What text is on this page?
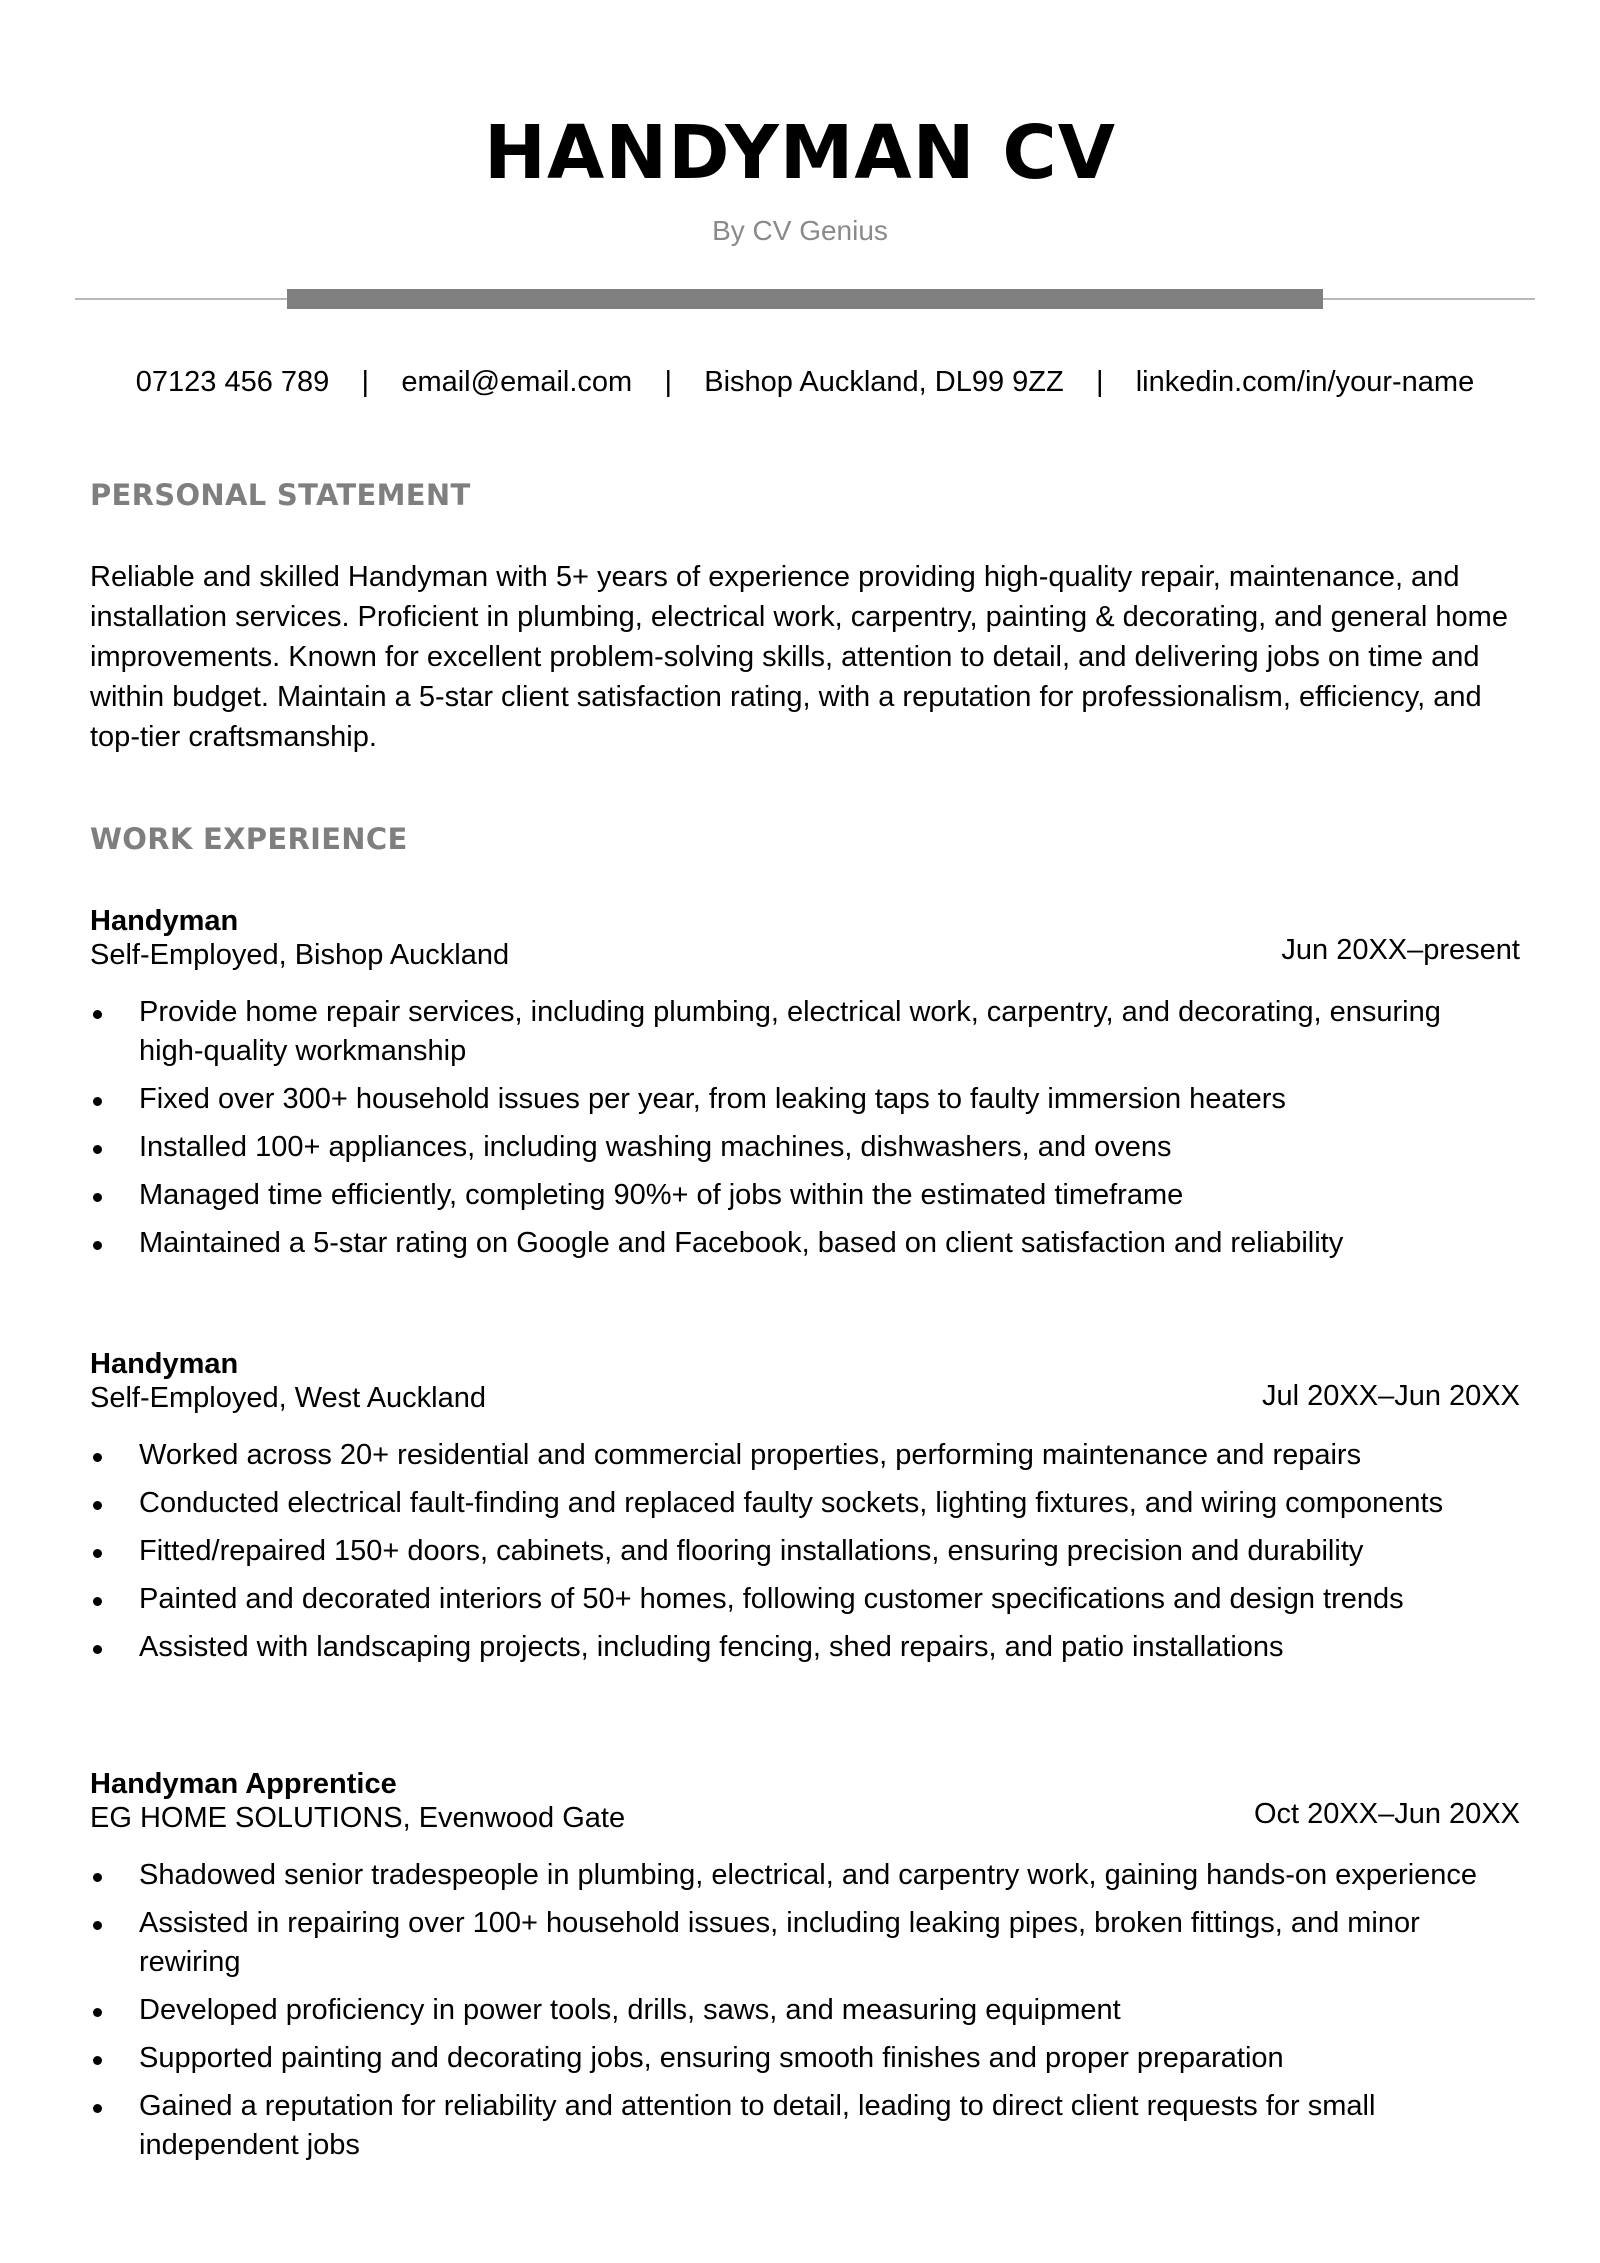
HANDYMAN CV
By CV Genius
07123 456 789 | email@email.com | Bishop Auckland, DL99 9ZZ | linkedin.com/in/your-name
PERSONAL STATEMENT
Reliable and skilled Handyman with 5+ years of experience providing high-quality repair, maintenance, and installation services. Proficient in plumbing, electrical work, carpentry, painting & decorating, and general home improvements. Known for excellent problem-solving skills, attention to detail, and delivering jobs on time and within budget. Maintain a 5-star client satisfaction rating, with a reputation for professionalism, efficiency, and top-tier craftsmanship.
WORK EXPERIENCE
Handyman
Self-Employed, Bishop Auckland	Jun 20XX–present
Provide home repair services, including plumbing, electrical work, carpentry, and decorating, ensuring high-quality workmanship
Fixed over 300+ household issues per year, from leaking taps to faulty immersion heaters
Installed 100+ appliances, including washing machines, dishwashers, and ovens
Managed time efficiently, completing 90%+ of jobs within the estimated timeframe
Maintained a 5-star rating on Google and Facebook, based on client satisfaction and reliability
Handyman
Self-Employed, West Auckland	Jul 20XX–Jun 20XX
Worked across 20+ residential and commercial properties, performing maintenance and repairs
Conducted electrical fault-finding and replaced faulty sockets, lighting fixtures, and wiring components
Fitted/repaired 150+ doors, cabinets, and flooring installations, ensuring precision and durability
Painted and decorated interiors of 50+ homes, following customer specifications and design trends
Assisted with landscaping projects, including fencing, shed repairs, and patio installations
Handyman Apprentice
EG HOME SOLUTIONS, Evenwood Gate	Oct 20XX–Jun 20XX
Shadowed senior tradespeople in plumbing, electrical, and carpentry work, gaining hands-on experience
Assisted in repairing over 100+ household issues, including leaking pipes, broken fittings, and minor rewiring
Developed proficiency in power tools, drills, saws, and measuring equipment
Supported painting and decorating jobs, ensuring smooth finishes and proper preparation
Gained a reputation for reliability and attention to detail, leading to direct client requests for small independent jobs
